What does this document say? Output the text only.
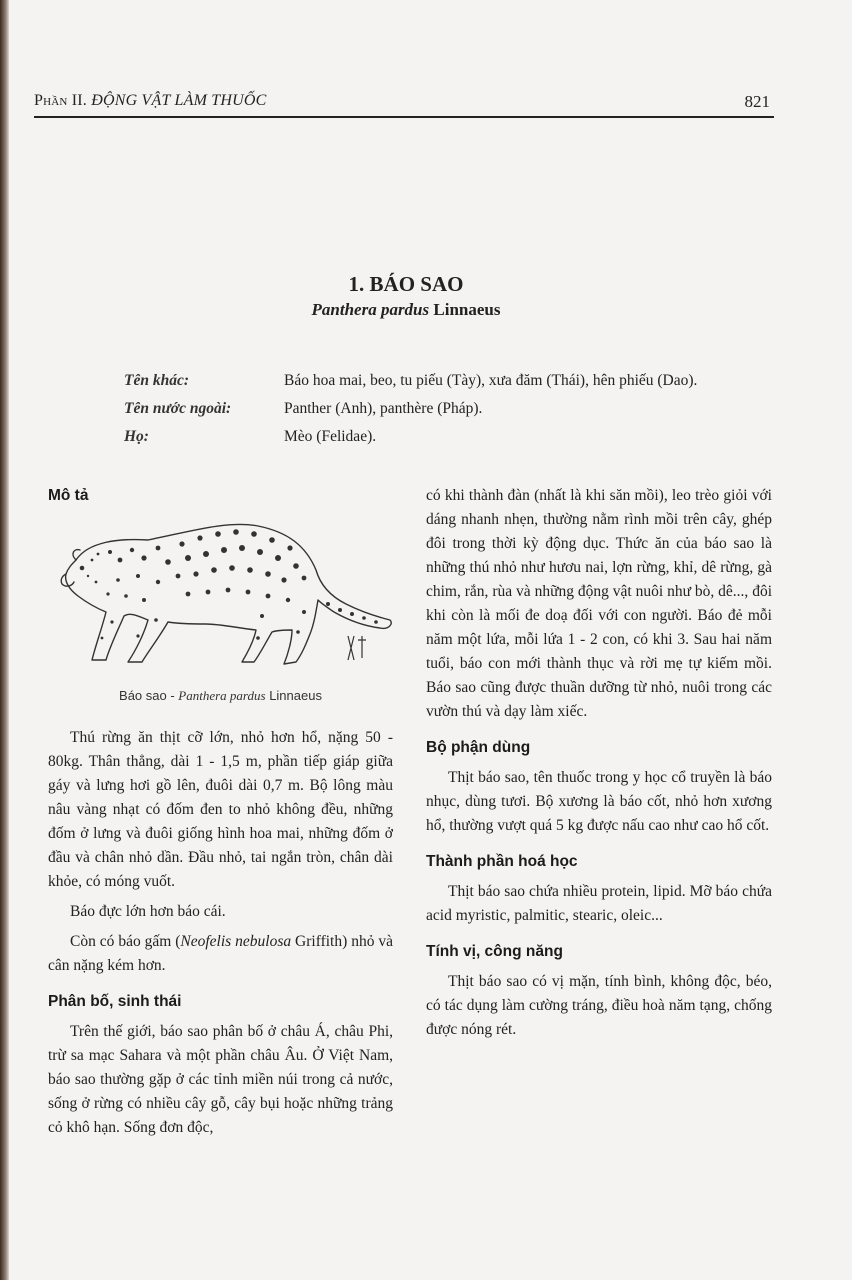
Phần II. ĐỘNG VẬT LÀM THUỐC	821
1. BÁO SAO
Panthera pardus Linnaeus
Tên khác:	Báo hoa mai, beo, tu piếu (Tày), xưa đăm (Thái), hên phiếu (Dao).
Tên nước ngoài:	Panther (Anh), panthère (Pháp).
Họ:	Mèo (Felidae).
Mô tả
Báo sao - Panthera pardus Linnaeus

Thú rừng ăn thịt cỡ lớn, nhỏ hơn hổ, nặng 50 - 80kg. Thân thẳng, dài 1 - 1,5 m, phần tiếp giáp giữa gáy và lưng hơi gồ lên, đuôi dài 0,7 m. Bộ lông màu nâu vàng nhạt có đốm đen to nhỏ không đều, những đốm ở lưng và đuôi giống hình hoa mai, những đốm ở đầu và chân nhỏ dần. Đầu nhỏ, tai ngắn tròn, chân dài khỏe, có móng vuốt.

Báo đực lớn hơn báo cái.

Còn có báo gấm (Neofelis nebulosa Griffith) nhỏ và cân nặng kém hơn.

Phân bố, sinh thái

Trên thế giới, báo sao phân bố ở châu Á, châu Phi, trừ sa mạc Sahara và một phần châu Âu. Ở Việt Nam, báo sao thường gặp ở các tỉnh miền núi trong cả nước, sống ở rừng có nhiều cây gỗ, cây bụi hoặc những trảng cỏ khô hạn. Sống đơn độc,

có khi thành đàn (nhất là khi săn mồi), leo trèo giỏi với dáng nhanh nhẹn, thường nằm rình mồi trên cây, ghép đôi trong thời kỳ động dục. Thức ăn của báo sao là những thú nhỏ như hươu nai, lợn rừng, khỉ, dê rừng, gà chim, rắn, rùa và những động vật nuôi như bò, dê..., đôi khi còn là mối đe doạ đối với con người. Báo đẻ mỗi năm một lứa, mỗi lứa 1 - 2 con, có khi 3. Sau hai năm tuổi, báo con mới thành thục và rời mẹ tự kiếm mồi. Báo sao cũng được thuần dưỡng từ nhỏ, nuôi trong các vườn thú và dạy làm xiếc.

Bộ phận dùng

Thịt báo sao, tên thuốc trong y học cổ truyền là báo nhục, dùng tươi. Bộ xương là báo cốt, nhỏ hơn xương hổ, thường vượt quá 5 kg được nấu cao như cao hổ cốt.

Thành phần hoá học

Thịt báo sao chứa nhiều protein, lipid. Mỡ báo chứa acid myristic, palmitic, stearic, oleic...

Tính vị, công năng

Thịt báo sao có vị mặn, tính bình, không độc, béo, có tác dụng làm cường tráng, điều hoà năm tạng, chống được nóng rét.
